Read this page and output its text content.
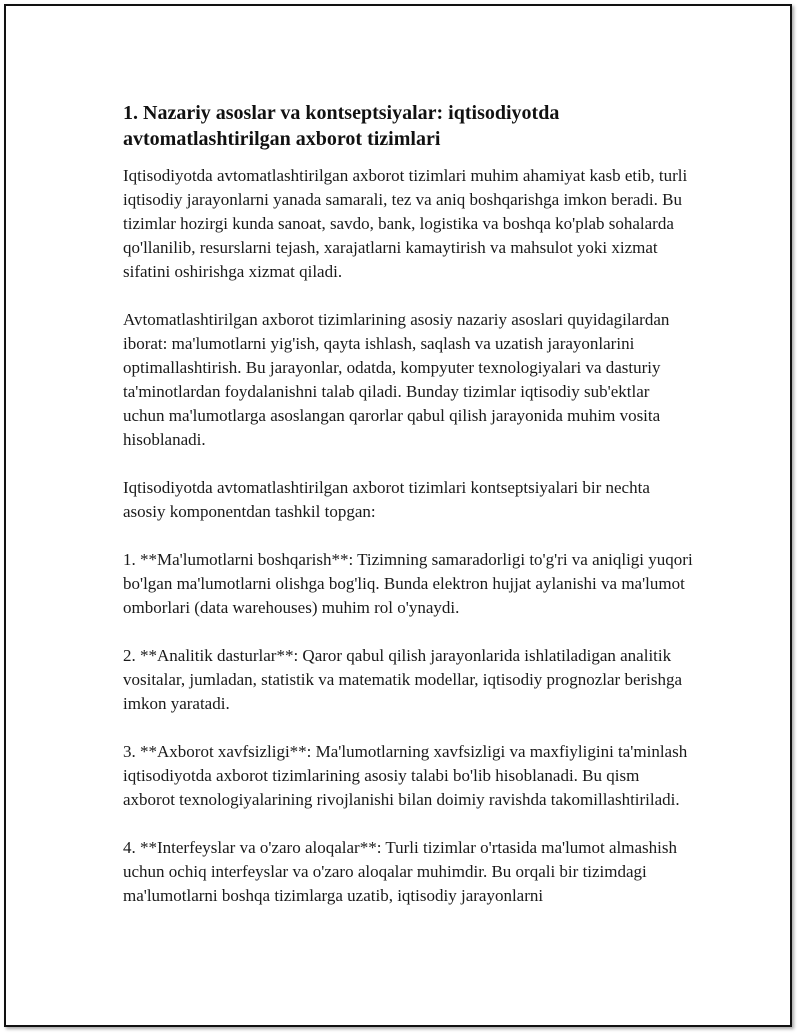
1. Nazariy asoslar va kontseptsiyalar: iqtisodiyotda avtomatlashtirilgan axborot tizimlari

Iqtisodiyotda avtomatlashtirilgan axborot tizimlari muhim ahamiyat kasb etib, turli iqtisodiy jarayonlarni yanada samarali, tez va aniq boshqarishga imkon beradi. Bu tizimlar hozirgi kunda sanoat, savdo, bank, logistika va boshqa ko'plab sohalarda qo'llanilib, resurslarni tejash, xarajatlarni kamaytirish va mahsulot yoki xizmat sifatini oshirishga xizmat qiladi.

Avtomatlashtirilgan axborot tizimlarining asosiy nazariy asoslari quyidagilardan iborat: ma'lumotlarni yig'ish, qayta ishlash, saqlash va uzatish jarayonlarini optimallashtirish. Bu jarayonlar, odatda, kompyuter texnologiyalari va dasturiy ta'minotlardan foydalanishni talab qiladi. Bunday tizimlar iqtisodiy sub'ektlar uchun ma'lumotlarga asoslangan qarorlar qabul qilish jarayonida muhim vosita hisoblanadi.

Iqtisodiyotda avtomatlashtirilgan axborot tizimlari kontseptsiyalari bir nechta asosiy komponentdan tashkil topgan:

1. **Ma'lumotlarni boshqarish**: Tizimning samaradorligi to'g'ri va aniqligi yuqori bo'lgan ma'lumotlarni olishga bog'liq. Bunda elektron hujjat aylanishi va ma'lumot omborlari (data warehouses) muhim rol o'ynaydi.

2. **Analitik dasturlar**: Qaror qabul qilish jarayonlarida ishlatiladigan analitik vositalar, jumladan, statistik va matematik modellar, iqtisodiy prognozlar berishga imkon yaratadi.

3. **Axborot xavfsizligi**: Ma'lumotlarning xavfsizligi va maxfiyligini ta'minlash iqtisodiyotda axborot tizimlarining asosiy talabi bo'lib hisoblanadi. Bu qism axborot texnologiyalarining rivojlanishi bilan doimiy ravishda takomillashtiriladi.

4. **Interfeyslar va o'zaro aloqalar**: Turli tizimlar o'rtasida ma'lumot almashish uchun ochiq interfeyslar va o'zaro aloqalar muhimdir. Bu orqali bir tizimdagi ma'lumotlarni boshqa tizimlarga uzatib, iqtisodiy jarayonlarni
